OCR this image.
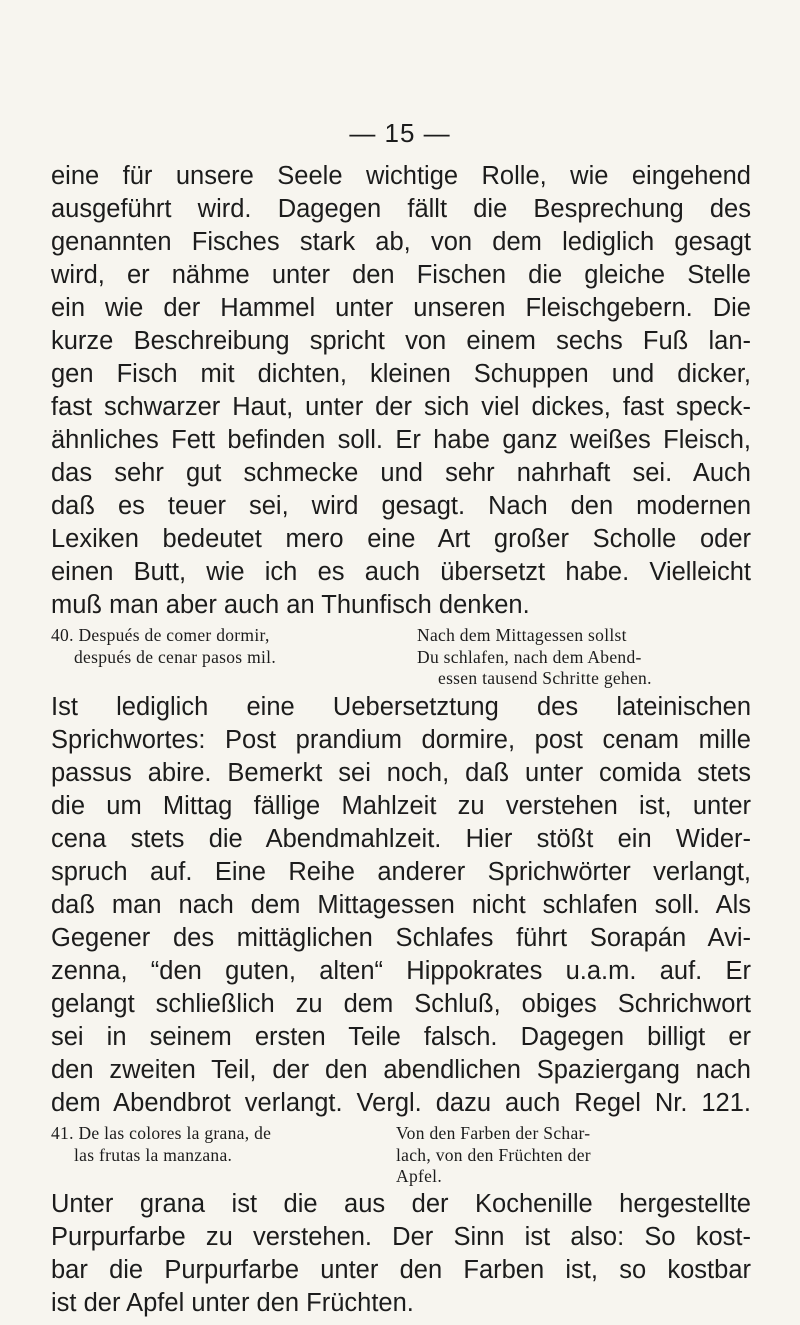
— 15 —
eine für unsere Seele wichtige Rolle, wie eingehend
ausgeführt wird. Dagegen fällt die Besprechung des
genannten Fisches stark ab, von dem lediglich gesagt
wird, er nähme unter den Fischen die gleiche Stelle
ein wie der Hammel unter unseren Fleischgebern. Die
kurze Beschreibung spricht von einem sechs Fuß lan-
gen Fisch mit dichten, kleinen Schuppen und dicker,
fast schwarzer Haut, unter der sich viel dickes, fast speck-
ähnliches Fett befinden soll. Er habe ganz weißes Fleisch,
das sehr gut schmecke und sehr nahrhaft sei. Auch
daß es teuer sei, wird gesagt. Nach den modernen
Lexiken bedeutet mero eine Art großer Scholle oder
einen Butt, wie ich es auch übersetzt habe. Vielleicht
muß man aber auch an Thunfisch denken.
40. Después de comer dormir,
después de cenar pasos mil.
Nach dem Mittagessen sollst
Du schlafen, nach dem Abend-
essen tausend Schritte gehen.
Ist lediglich eine Uebersetztung des lateinischen
Sprichwortes: Post prandium dormire, post cenam mille
passus abire. Bemerkt sei noch, daß unter comida stets
die um Mittag fällige Mahlzeit zu verstehen ist, unter
cena stets die Abendmahlzeit. Hier stößt ein Wider-
spruch auf. Eine Reihe anderer Sprichwörter verlangt,
daß man nach dem Mittagessen nicht schlafen soll. Als
Gegener des mittäglichen Schlafes führt Sorapán Avi-
zenna, “den guten, alten“ Hippokrates u.a.m. auf. Er
gelangt schließlich zu dem Schluß, obiges Schrichwort
sei in seinem ersten Teile falsch. Dagegen billigt er
den zweiten Teil, der den abendlichen Spaziergang nach
dem Abendbrot verlangt. Vergl. dazu auch Regel Nr. 121.
41. De las colores la grana, de
las frutas la manzana.
Von den Farben der Schar-
lach, von den Früchten der
Apfel.
Unter grana ist die aus der Kochenille hergestellte
Purpurfarbe zu verstehen. Der Sinn ist also: So kost-
bar die Purpurfarbe unter den Farben ist, so kostbar
ist der Apfel unter den Früchten.
